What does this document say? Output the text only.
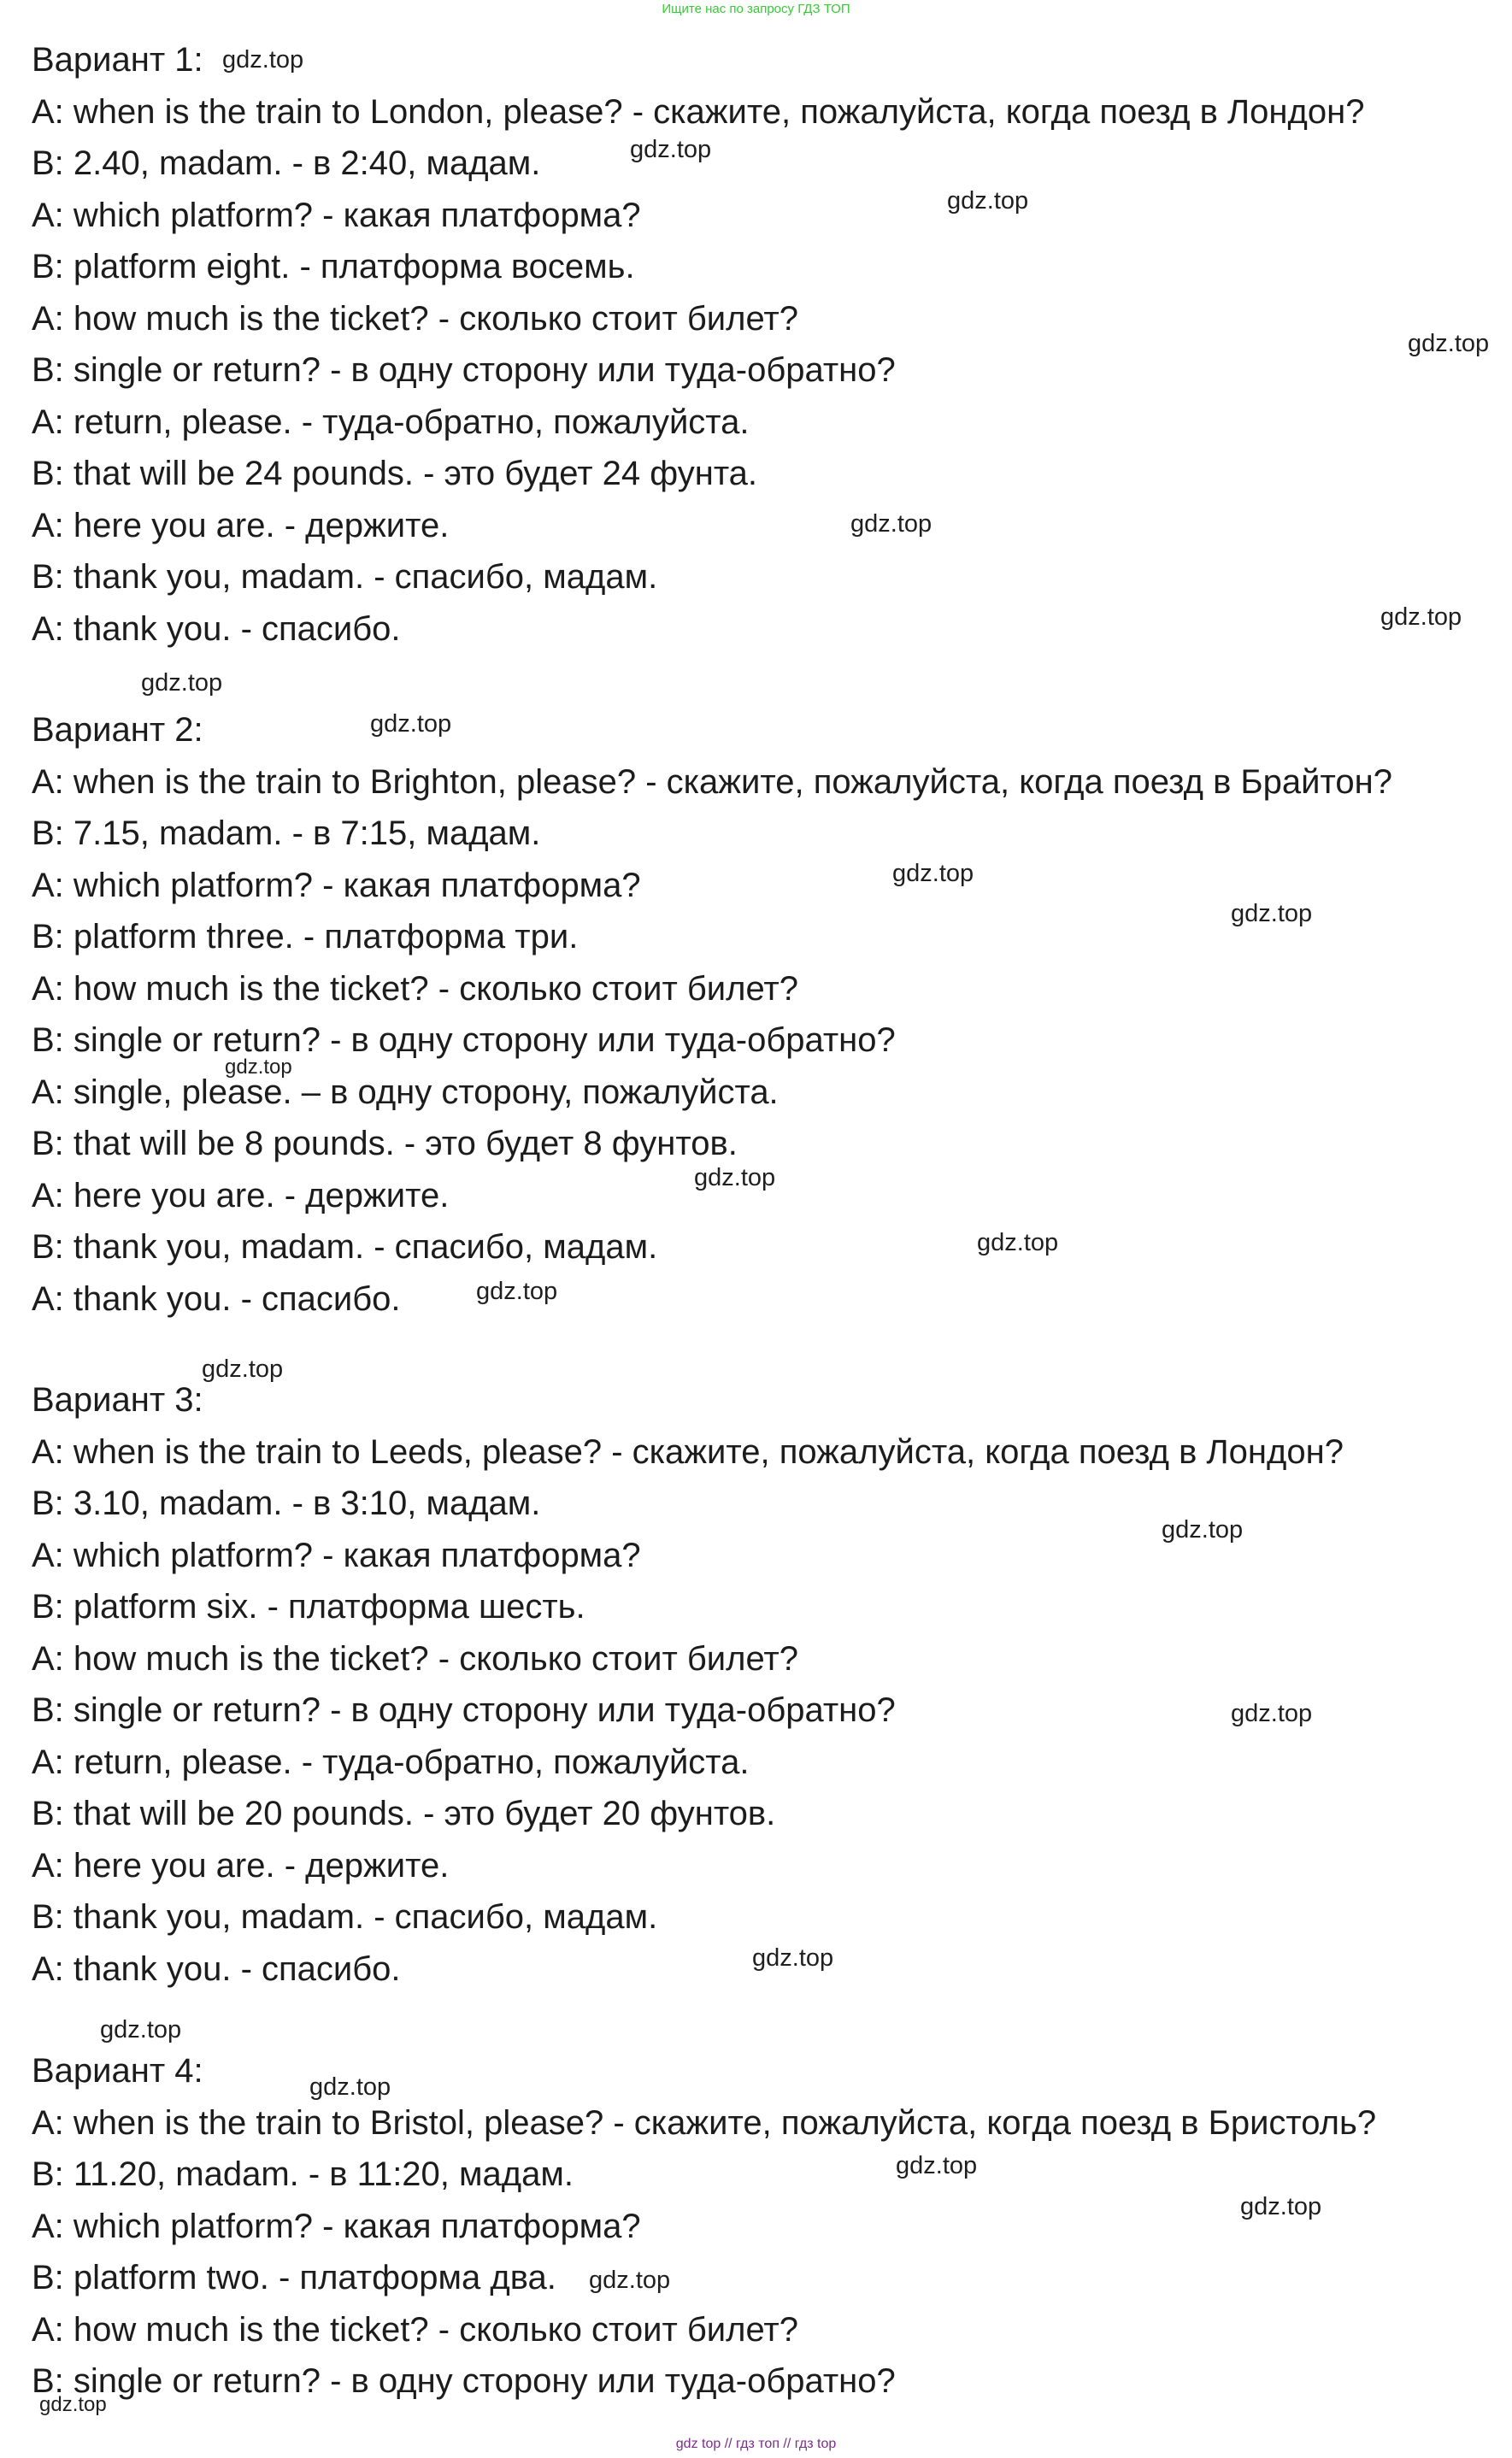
Ищите нас по запросу ГДЗ ТОП
Вариант 1:
A: when is the train to London, please? - скажите, пожалуйста, когда поезд в Лондон?
B: 2.40, madam. - в 2:40, мадам.
A: which platform? - какая платформа?
B: platform eight. - платформа восемь.
A: how much is the ticket? - сколько стоит билет?
B: single or return? - в одну сторону или туда-обратно?
A: return, please. - туда-обратно, пожалуйста.
B: that will be 24 pounds. - это будет 24 фунта.
A: here you are. - держите.
B: thank you, madam. - спасибо, мадам.
A: thank you. - спасибо.
Вариант 2:
A: when is the train to Brighton, please? - скажите, пожалуйста, когда поезд в Брайтон?
B: 7.15, madam. - в 7:15, мадам.
A: which platform? - какая платформа?
B: platform three. - платформа три.
A: how much is the ticket? - сколько стоит билет?
B: single or return? - в одну сторону или туда-обратно?
A: single, please. – в одну сторону, пожалуйста.
B: that will be 8 pounds. - это будет 8 фунтов.
A: here you are. - держите.
B: thank you, madam. - спасибо, мадам.
A: thank you. - спасибо.
Вариант 3:
A: when is the train to Leeds, please? - скажите, пожалуйста, когда поезд в Лондон?
B: 3.10, madam. - в 3:10, мадам.
A: which platform? - какая платформа?
B: platform six. - платформа шесть.
A: how much is the ticket? - сколько стоит билет?
B: single or return? - в одну сторону или туда-обратно?
A: return, please. - туда-обратно, пожалуйста.
B: that will be 20 pounds. - это будет 20 фунтов.
A: here you are. - держите.
B: thank you, madam. - спасибо, мадам.
A: thank you. - спасибо.
Вариант 4:
A: when is the train to Bristol, please? - скажите, пожалуйста, когда поезд в Бристоль?
B: 11.20, madam. - в 11:20, мадам.
A: which platform? - какая платформа?
B: platform two. - платформа два.
A: how much is the ticket? - сколько стоит билет?
B: single or return? - в одну сторону или туда-обратно?
gdz.top
gdz.top
gdz.top
gdz.top
gdz.top
gdz.top
gdz.top
gdz.top
gdz.top
gdz.top
gdz.top
gdz.top
gdz.top
gdz.top
gdz.top
gdz.top
gdz.top
gdz.top
gdz.top
gdz.top
gdz.top
gdz.top
gdz.top
gdz.top
gdz top // гдз топ // гдз top
